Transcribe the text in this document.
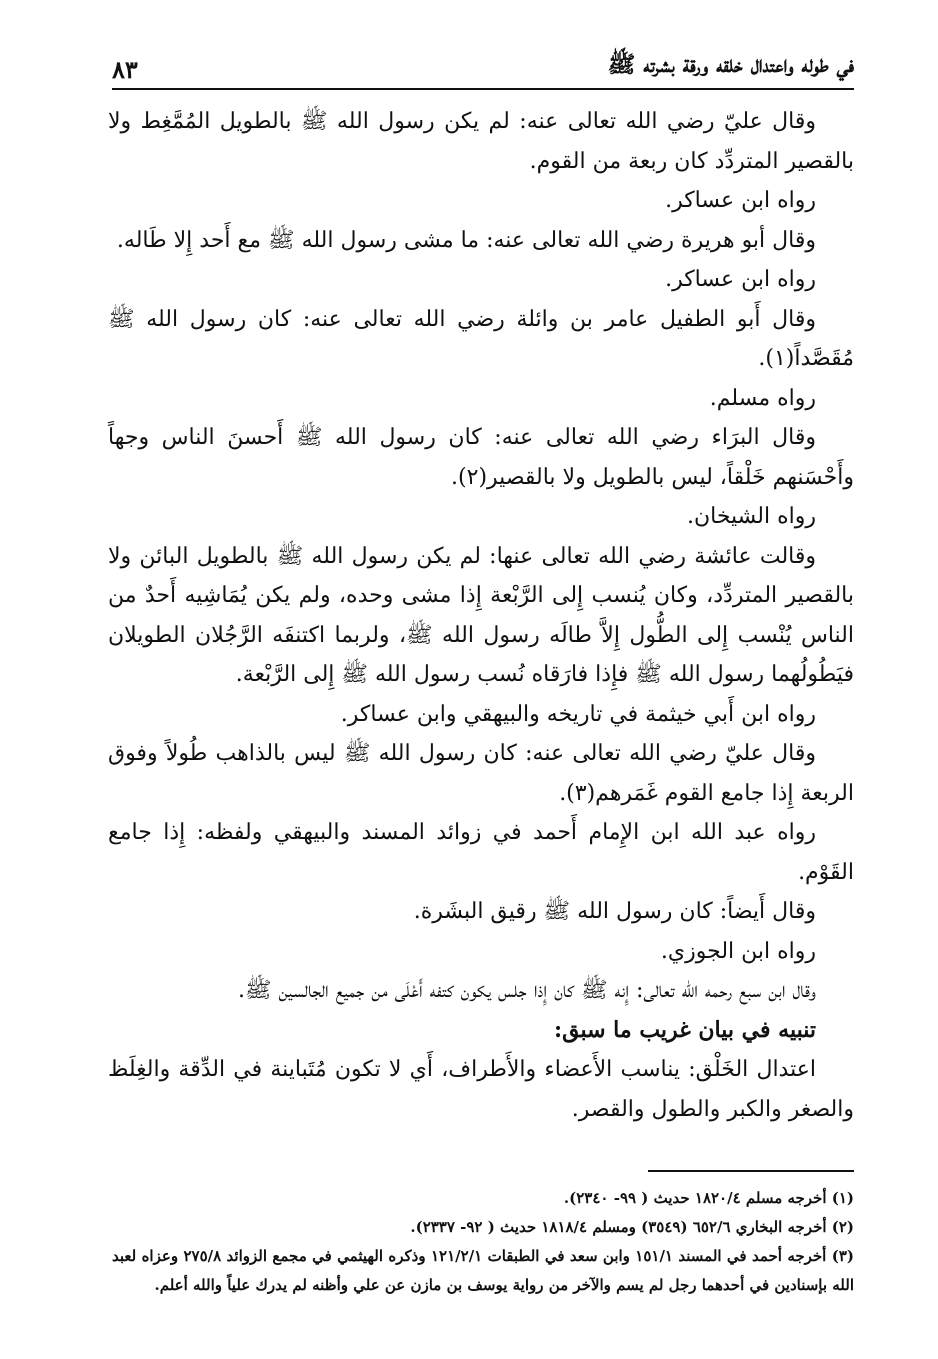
في طوله واعتدال خلقه ورقة بشرته ﷺ
٨٣

وقال عليّ رضي الله تعالى عنه: لم يكن رسول الله ﷺ بالطويل المُمَّغِط ولا بالقصير المتردِّد كان ربعة من القوم.

رواه ابن عساكر.

وقال أبو هريرة رضي الله تعالى عنه: ما مشى رسول الله ﷺ مع أَحد إِلا طَاله.

رواه ابن عساكر.

وقال أَبو الطفيل عامر بن وائلة رضي الله تعالى عنه: كان رسول الله ﷺ مُقَصَّداً(١).

رواه مسلم.

وقال البرَاء رضي الله تعالى عنه: كان رسول الله ﷺ أَحسنَ الناس وجهاً وأَحْسَنهم خَلْقاً، ليس بالطويل ولا بالقصير(٢).

رواه الشيخان.

وقالت عائشة رضي الله تعالى عنها: لم يكن رسول الله ﷺ بالطويل البائن ولا بالقصير المتردِّد، وكان يُنسب إِلى الرَّبْعة إِذا مشى وحده، ولم يكن يُمَاشِيه أَحدٌ من الناس يُنْسب إِلى الطُّول إِلاَّ طالَه رسول الله ﷺ، ولربما اكتنفَه الرَّجُلان الطويلان فيَطُولُهما رسول الله ﷺ فإِذا فارَقاه نُسب رسول الله ﷺ إِلى الرَّبْعة.

رواه ابن أَبي خيثمة في تاريخه والبيهقي وابن عساكر.

وقال عليّ رضي الله تعالى عنه: كان رسول الله ﷺ ليس بالذاهب طُولاً وفوق الربعة إِذا جامع القوم غَمَرهم(٣).

رواه عبد الله ابن الإِمام أَحمد في زوائد المسند والبيهقي ولفظه: إِذا جامع القَوْم.

وقال أَيضاً: كان رسول الله ﷺ رقيق البشَرة.

رواه ابن الجوزي.

وقال ابن سبع رحمه الله تعالى: إِنه ﷺ كان إِذا جلس يكون كتفه أَعْلَى من جميع الجالسين ﷺ.

تنبيه في بيان غريب ما سبق:

اعتدال الخَلْق: يناسب الأَعضاء والأَطراف، أَي لا تكون مُتَباينة في الدِّقة والغِلَظ والصغر والكبر والطول والقصر.

(١) أخرجه مسلم ١٨٢٠/٤ حديث ( ٩٩- ٢٣٤٠).

(٢) أخرجه البخاري ٦٥٢/٦ (٣٥٤٩) ومسلم ١٨١٨/٤ حديث ( ٩٢- ٢٣٣٧).

(٣) أخرجه أحمد في المسند ١٥١/١ وابن سعد في الطبقات ١٢١/٢/١ وذكره الهيثمي في مجمع الزوائد ٢٧٥/٨ وعزاه لعبد الله بإسنادين في أحدهما رجل لم يسم والآخر من رواية يوسف بن مازن عن علي وأظنه لم يدرك علياً والله أعلم.
